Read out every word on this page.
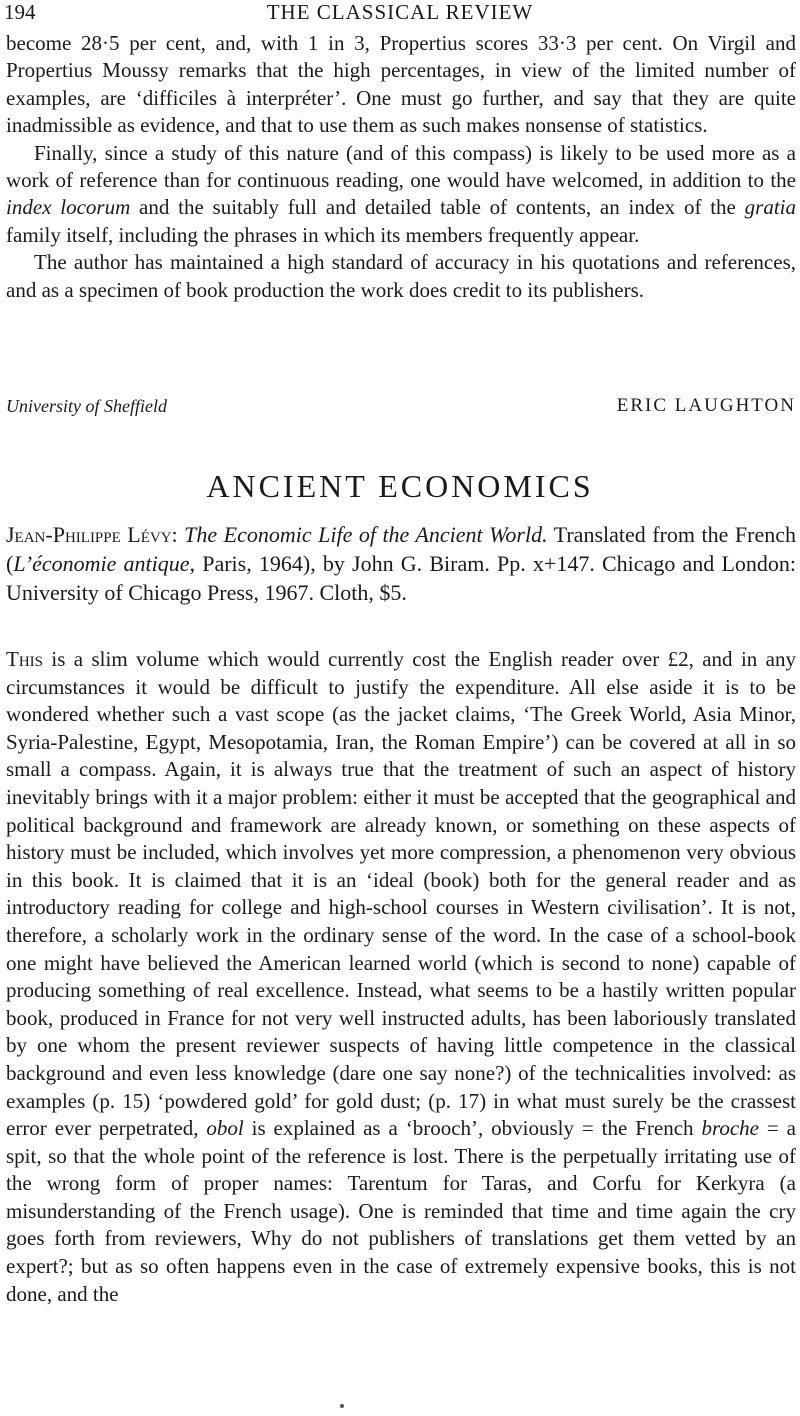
194	THE CLASSICAL REVIEW

become 28·5 per cent, and, with 1 in 3, Propertius scores 33·3 per cent. On Virgil and Propertius Moussy remarks that the high percentages, in view of the limited number of examples, are ‘difficiles à interpréter’. One must go further, and say that they are quite inadmissible as evidence, and that to use them as such makes nonsense of statistics.

Finally, since a study of this nature (and of this compass) is likely to be used more as a work of reference than for continuous reading, one would have welcomed, in addition to the index locorum and the suitably full and detailed table of contents, an index of the gratia family itself, including the phrases in which its members frequently appear.

The author has maintained a high standard of accuracy in his quotations and references, and as a specimen of book production the work does credit to its publishers.

University of Sheffield	ERIC LAUGHTON
ANCIENT ECONOMICS

Jean-Philippe Lévy: The Economic Life of the Ancient World. Translated from the French (L’économie antique, Paris, 1964), by John G. Biram. Pp. x+147. Chicago and London: University of Chicago Press, 1967. Cloth, $5.

This is a slim volume which would currently cost the English reader over £2, and in any circumstances it would be difficult to justify the expenditure. All else aside it is to be wondered whether such a vast scope (as the jacket claims, ‘The Greek World, Asia Minor, Syria-Palestine, Egypt, Mesopotamia, Iran, the Roman Empire’) can be covered at all in so small a compass. Again, it is always true that the treatment of such an aspect of history inevitably brings with it a major problem: either it must be accepted that the geographical and political background and framework are already known, or something on these aspects of history must be included, which involves yet more compression, a phenomenon very obvious in this book. It is claimed that it is an ‘ideal (book) both for the general reader and as introductory reading for college and high-school courses in Western civilisation’. It is not, therefore, a scholarly work in the ordinary sense of the word. In the case of a school-book one might have believed the American learned world (which is second to none) capable of producing something of real excellence. Instead, what seems to be a hastily written popular book, produced in France for not very well instructed adults, has been laboriously translated by one whom the present reviewer suspects of having little competence in the classical background and even less knowledge (dare one say none?) of the technicalities involved: as examples (p. 15) ‘powdered gold’ for gold dust; (p. 17) in what must surely be the crassest error ever perpetrated, obol is explained as a ‘brooch’, obviously = the French broche = a spit, so that the whole point of the reference is lost. There is the perpetually irritating use of the wrong form of proper names: Tarentum for Taras, and Corfu for Kerkyra (a misunderstanding of the French usage). One is reminded that time and time again the cry goes forth from reviewers, Why do not publishers of translations get them vetted by an expert?; but as so often happens even in the case of extremely expensive books, this is not done, and the
